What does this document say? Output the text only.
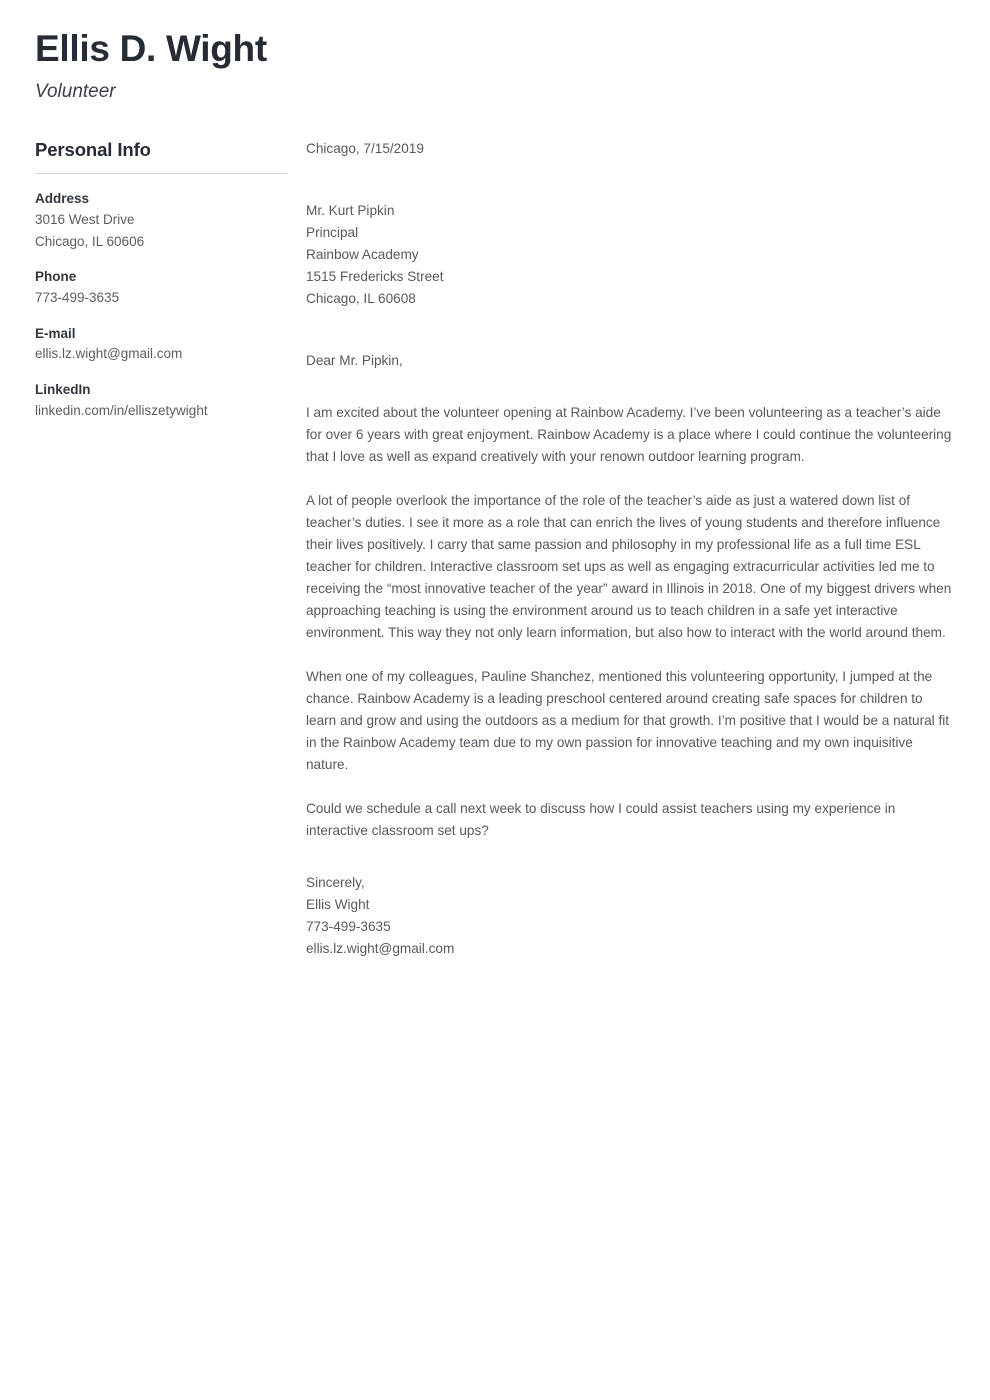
Ellis D. Wight
Volunteer
Personal Info

Address

3016 West Drive

Chicago, IL 60606

Phone

773-499-3635

E-mail

ellis.lz.wight@gmail.com

LinkedIn

linkedin.com/in/elliszetywight

Chicago, 7/15/2019

Mr. Kurt Pipkin

Principal

Rainbow Academy

1515 Fredericks Street

Chicago, IL 60608

Dear Mr. Pipkin,

I am excited about the volunteer opening at Rainbow Academy. I’ve been volunteering as a teacher’s aide for over 6 years with great enjoyment. Rainbow Academy is a place where I could continue the volunteering that I love as well as expand creatively with your renown outdoor learning program.

A lot of people overlook the importance of the role of the teacher’s aide as just a watered down list of teacher’s duties. I see it more as a role that can enrich the lives of young students and therefore influence their lives positively. I carry that same passion and philosophy in my professional life as a full time ESL teacher for children. Interactive classroom set ups as well as engaging extracurricular activities led me to receiving the “most innovative teacher of the year” award in Illinois in 2018. One of my biggest drivers when approaching teaching is using the environment around us to teach children in a safe yet interactive environment. This way they not only learn information, but also how to interact with the world around them.

When one of my colleagues, Pauline Shanchez, mentioned this volunteering opportunity, I jumped at the chance. Rainbow Academy is a leading preschool centered around creating safe spaces for children to learn and grow and using the outdoors as a medium for that growth. I’m positive that I would be a natural fit in the Rainbow Academy team due to my own passion for innovative teaching and my own inquisitive nature.

Could we schedule a call next week to discuss how I could assist teachers using my experience in interactive classroom set ups?

Sincerely,

Ellis Wight

773-499-3635

ellis.lz.wight@gmail.com
